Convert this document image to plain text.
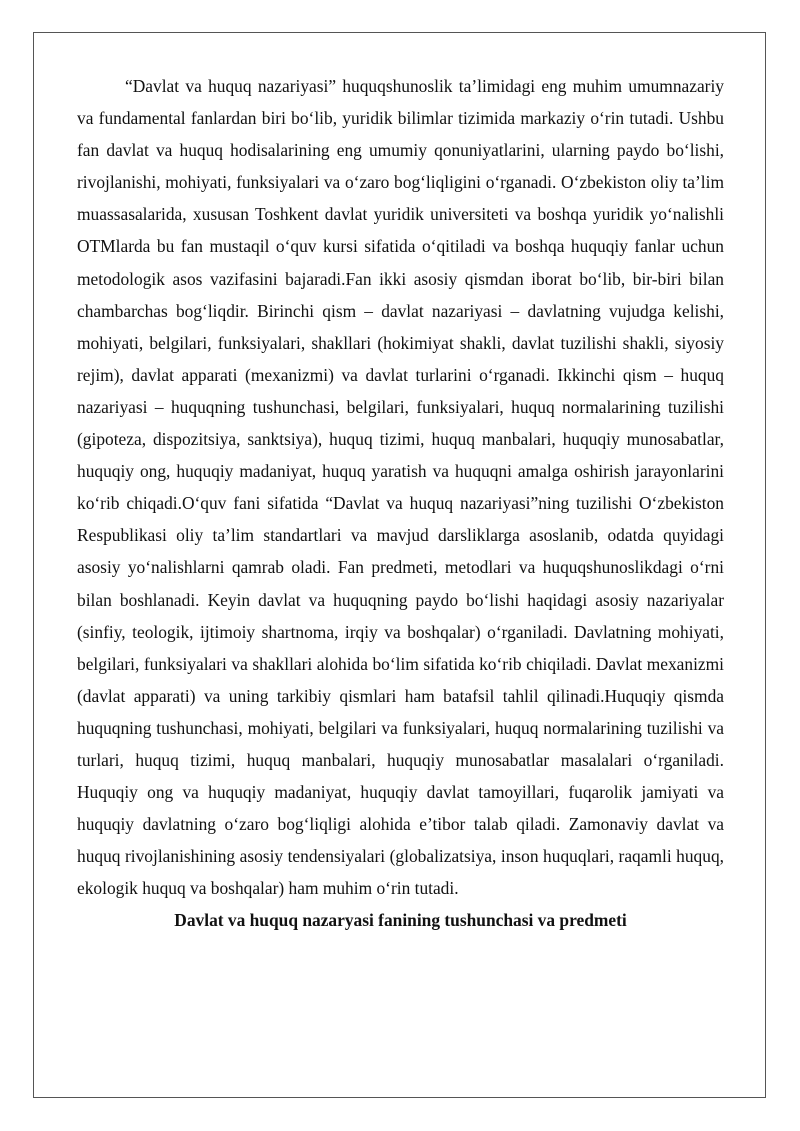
“Davlat va huquq nazariyasi” huquqshunoslik ta’limidagi eng muhim umumnazariy va fundamental fanlardan biri bo‘lib, yuridik bilimlar tizimida markaziy o‘rin tutadi. Ushbu fan davlat va huquq hodisalarining eng umumiy qonuniyatlarini, ularning paydo bo‘lishi, rivojlanishi, mohiyati, funksiyalari va o‘zaro bog‘liqligini o‘rganadi. O‘zbekiston oliy ta’lim muassasalarida, xususan Toshkent davlat yuridik universiteti va boshqa yuridik yo‘nalishli OTMlarda bu fan mustaqil o‘quv kursi sifatida o‘qitiladi va boshqa huquqiy fanlar uchun metodologik asos vazifasini bajaradi.Fan ikki asosiy qismdan iborat bo‘lib, bir-biri bilan chambarchas bog‘liqdir. Birinchi qism – davlat nazariyasi – davlatning vujudga kelishi, mohiyati, belgilari, funksiyalari, shakllari (hokimiyat shakli, davlat tuzilishi shakli, siyosiy rejim), davlat apparati (mexanizmi) va davlat turlarini o‘rganadi. Ikkinchi qism – huquq nazariyasi – huquqning tushunchasi, belgilari, funksiyalari, huquq normalarining tuzilishi (gipoteza, dispozitsiya, sanktsiya), huquq tizimi, huquq manbalari, huquqiy munosabatlar, huquqiy ong, huquqiy madaniyat, huquq yaratish va huquqni amalga oshirish jarayonlarini ko‘rib chiqadi.O‘quv fani sifatida “Davlat va huquq nazariyasi”ning tuzilishi O‘zbekiston Respublikasi oliy ta’lim standartlari va mavjud darsliklarga asoslanib, odatda quyidagi asosiy yo‘nalishlarni qamrab oladi. Fan predmeti, metodlari va huquqshunoslikdagi o‘rni bilan boshlanadi. Keyin davlat va huquqning paydo bo‘lishi haqidagi asosiy nazariyalar (sinfiy, teologik, ijtimoiy shartnoma, irqiy va boshqalar) o‘rganiladi. Davlatning mohiyati, belgilari, funksiyalari va shakllari alohida bo‘lim sifatida ko‘rib chiqiladi. Davlat mexanizmi (davlat apparati) va uning tarkibiy qismlari ham batafsil tahlil qilinadi.Huquqiy qismda huquqning tushunchasi, mohiyati, belgilari va funksiyalari, huquq normalarining tuzilishi va turlari, huquq tizimi, huquq manbalari, huquqiy munosabatlar masalalari o‘rganiladi. Huquqiy ong va huquqiy madaniyat, huquqiy davlat tamoyillari, fuqarolik jamiyati va huquqiy davlatning o‘zaro bog‘liqligi alohida e’tibor talab qiladi. Zamonaviy davlat va huquq rivojlanishining asosiy tendensiyalari (globalizatsiya, inson huquqlari, raqamli huquq, ekologik huquq va boshqalar) ham muhim o‘rin tutadi.

Davlat va huquq nazaryasi fanining tushunchasi va predmeti
